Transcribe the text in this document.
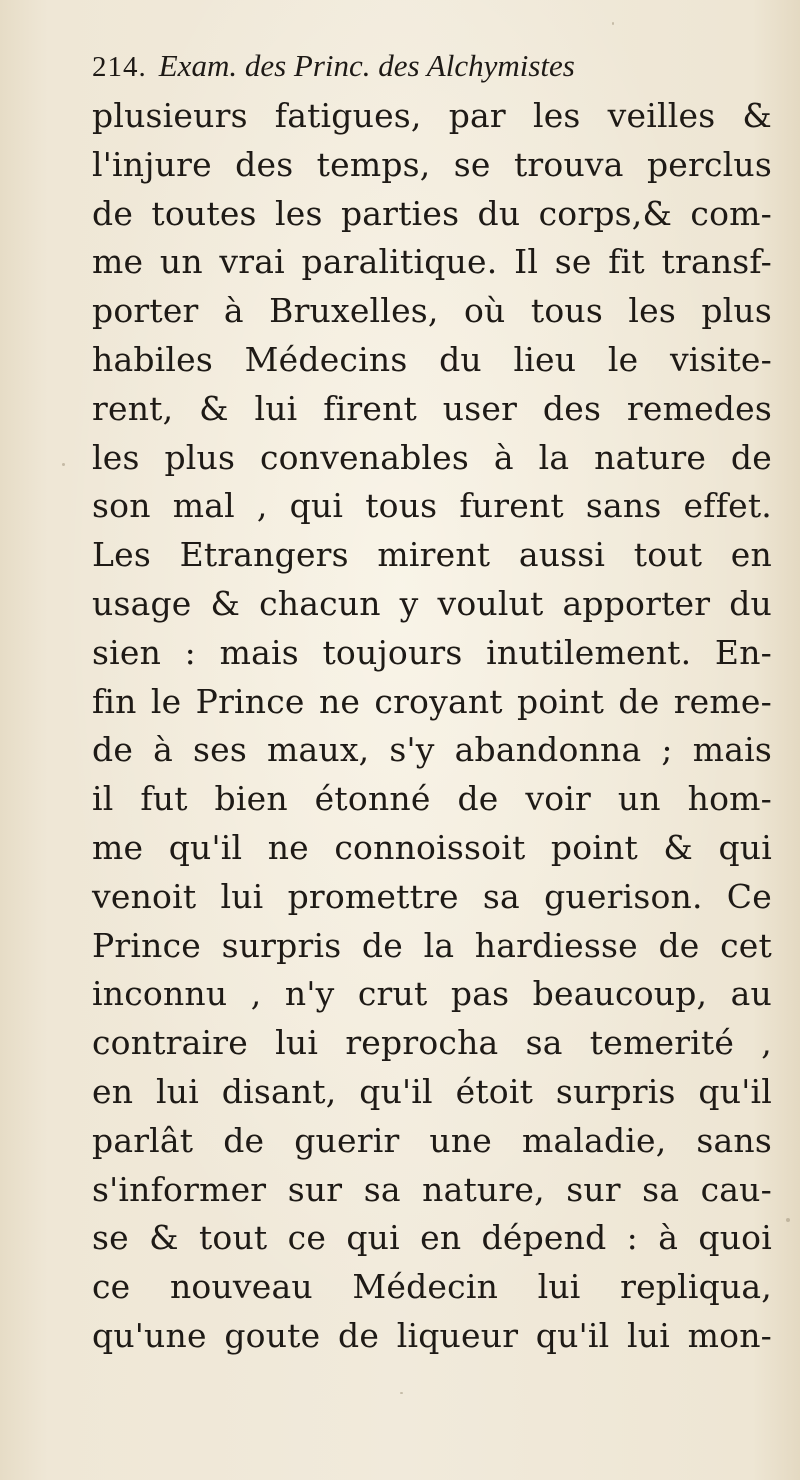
214. Exam. des Princ. des Alchymistes
plusieurs fatigues, par les veilles &
l'injure des temps, se trouva perclus
de toutes les parties du corps,& com-
me un vrai paralitique. Il se fit transf-
porter à Bruxelles, où tous les plus
habiles Médecins du lieu le visite-
rent, & lui firent user des remedes
les plus convenables à la nature de
son mal , qui tous furent sans effet.
Les Etrangers mirent aussi tout en
usage & chacun y voulut apporter du
sien : mais toujours inutilement. En-
fin le Prince ne croyant point de reme-
de à ses maux, s'y abandonna ; mais
il fut bien étonné de voir un hom-
me qu'il ne connoissoit point & qui
venoit lui promettre sa guerison. Ce
Prince surpris de la hardiesse de cet
inconnu , n'y crut pas beaucoup, au
contraire lui reprocha sa temerité ,
en lui disant, qu'il étoit surpris qu'il
parlât de guerir une maladie, sans
s'informer sur sa nature, sur sa cau-
se & tout ce qui en dépend : à quoi
ce nouveau Médecin lui repliqua,
qu'une goute de liqueur qu'il lui mon-
